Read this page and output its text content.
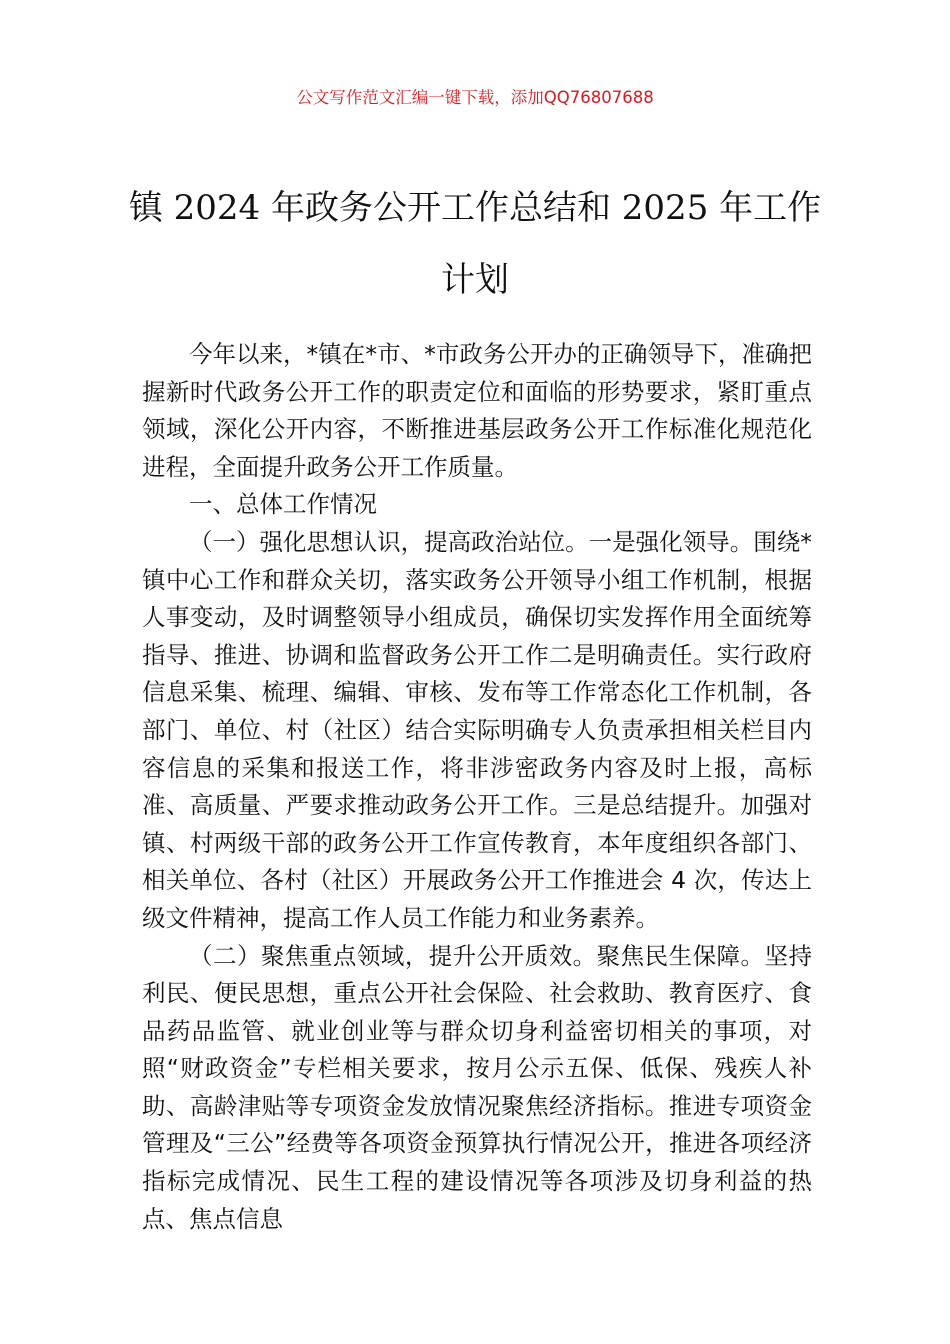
公文写作范文汇编一键下载，添加QQ76807688
镇 2024 年政务公开工作总结和 2025 年工作
计划

今年以来，*镇在*市、*市政务公开办的正确领导下，准确把握新时代政务公开工作的职责定位和面临的形势要求，紧盯重点领域，深化公开内容，不断推进基层政务公开工作标准化规范化进程，全面提升政务公开工作质量。

一、总体工作情况

（一）强化思想认识，提高政治站位。一是强化领导。围绕*镇中心工作和群众关切，落实政务公开领导小组工作机制，根据人事变动，及时调整领导小组成员，确保切实发挥作用全面统筹指导、推进、协调和监督政务公开工作二是明确责任。实行政府信息采集、梳理、编辑、审核、发布等工作常态化工作机制，各部门、单位、村（社区）结合实际明确专人负责承担相关栏目内容信息的采集和报送工作，将非涉密政务内容及时上报，高标准、高质量、严要求推动政务公开工作。三是总结提升。加强对镇、村两级干部的政务公开工作宣传教育，本年度组织各部门、相关单位、各村（社区）开展政务公开工作推进会 4 次，传达上级文件精神，提高工作人员工作能力和业务素养。

（二）聚焦重点领域，提升公开质效。聚焦民生保障。坚持利民、便民思想，重点公开社会保险、社会救助、教育医疗、食品药品监管、就业创业等与群众切身利益密切相关的事项，对照“财政资金”专栏相关要求，按月公示五保、低保、残疾人补助、高龄津贴等专项资金发放情况聚焦经济指标。推进专项资金管理及“三公”经费等各项资金预算执行情况公开，推进各项经济指标完成情况、民生工程的建设情况等各项涉及切身利益的热点、焦点信息
